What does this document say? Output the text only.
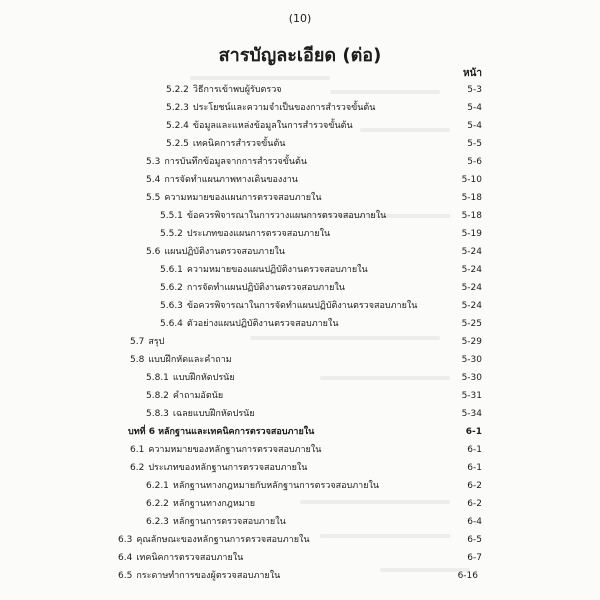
(10)
สารบัญละเอียด (ต่อ)
หน้า
5.2.2 วิธีการเข้าพบผู้รับตรวจ	5-3
5.2.3 ประโยชน์และความจำเป็นของการสำรวจขั้นต้น	5-4
5.2.4 ข้อมูลและแหล่งข้อมูลในการสำรวจขั้นต้น	5-4
5.2.5 เทคนิคการสำรวจขั้นต้น	5-5
5.3 การบันทึกข้อมูลจากการสำรวจขั้นต้น	5-6
5.4 การจัดทำแผนภาพทางเดินของงาน	5-10
5.5 ความหมายของแผนการตรวจสอบภายใน	5-18
5.5.1 ข้อควรพิจารณาในการวางแผนการตรวจสอบภายใน	5-18
5.5.2 ประเภทของแผนการตรวจสอบภายใน	5-19
5.6 แผนปฏิบัติงานตรวจสอบภายใน	5-24
5.6.1 ความหมายของแผนปฏิบัติงานตรวจสอบภายใน	5-24
5.6.2 การจัดทำแผนปฏิบัติงานตรวจสอบภายใน	5-24
5.6.3 ข้อควรพิจารณาในการจัดทำแผนปฏิบัติงานตรวจสอบภายใน	5-24
5.6.4 ตัวอย่างแผนปฏิบัติงานตรวจสอบภายใน	5-25
5.7 สรุป	5-29
5.8 แบบฝึกหัดและคำถาม	5-30
5.8.1 แบบฝึกหัดปรนัย	5-30
5.8.2 คำถามอัตนัย	5-31
5.8.3 เฉลยแบบฝึกหัดปรนัย	5-34
บทที่ 6 หลักฐานและเทคนิคการตรวจสอบภายใน	6-1
6.1 ความหมายของหลักฐานการตรวจสอบภายใน	6-1
6.2 ประเภทของหลักฐานการตรวจสอบภายใน	6-1
6.2.1 หลักฐานทางกฎหมายกับหลักฐานการตรวจสอบภายใน	6-2
6.2.2 หลักฐานทางกฎหมาย	6-2
6.2.3 หลักฐานการตรวจสอบภายใน	6-4
6.3 คุณลักษณะของหลักฐานการตรวจสอบภายใน	6-5
6.4 เทคนิคการตรวจสอบภายใน	6-7
6.5 กระดาษทำการของผู้ตรวจสอบภายใน	6-16
